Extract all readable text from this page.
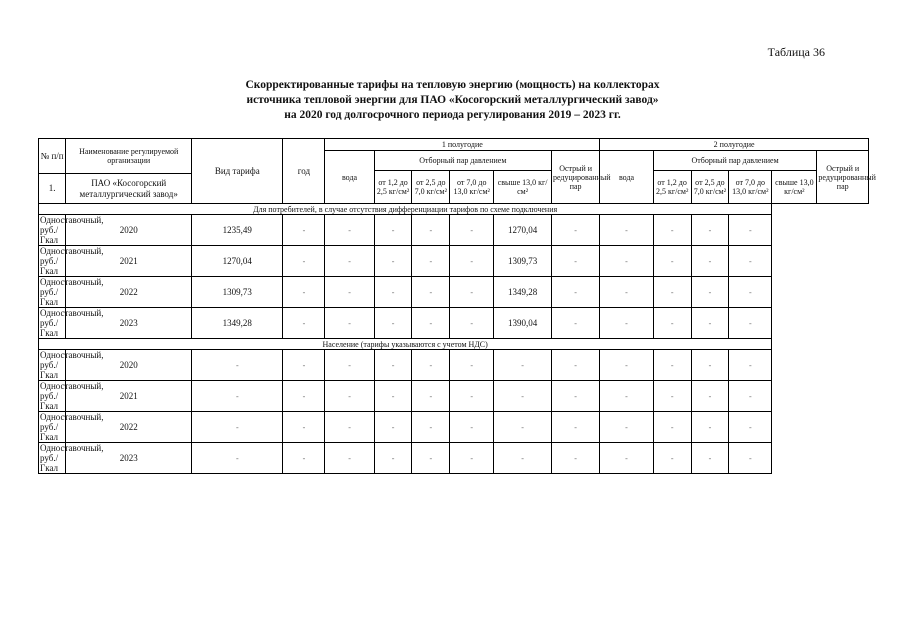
Таблица 36
Скорректированные тарифы на тепловую энергию (мощность) на коллекторах
источника тепловой энергии для ПАО «Косогорский металлургический завод»
на 2020 год долгосрочного периода регулирования 2019 – 2023 гг.
№ п/п	Наименование регулируемой организации	Вид тарифа	год	1 полугодие						2 полугодие					
				вода	Отборный пар давлением				Острый и редуцированный пар	вода	Отборный пар давлением				Острый и редуцированный пар
					от 1,2 до 2,5 кг/см²	от 2,5 до 7,0 кг/см²	от 7,0 до 13,0 кг/см²	свыше 13,0 кг/см²			от 1,2 до 2,5 кг/см²	от 2,5 до 7,0 кг/см²	от 7,0 до 13,0 кг/см²	свыше 13,0 кг/см²	
1.	ПАО «Косогорский металлургический завод»														
Для потребителей, в случае отсутствия дифференциации тарифов по схеме подключения															
Одноставочный, руб./Гкал	2020	1235,49	-	-	-	-	-	1270,04	-	-	-	-	-		
Одноставочный, руб./Гкал	2021	1270,04	-	-	-	-	-	1309,73	-	-	-	-	-		
Одноставочный, руб./Гкал	2022	1309,73	-	-	-	-	-	1349,28	-	-	-	-	-		
Одноставочный, руб./Гкал	2023	1349,28	-	-	-	-	-	1390,04	-	-	-	-	-		
Население (тарифы указываются с учетом НДС)															
Одноставочный, руб./Гкал	2020	-	-	-	-	-	-	-	-	-	-	-	-		
Одноставочный, руб./Гкал	2021	-	-	-	-	-	-	-	-	-	-	-	-		
Одноставочный, руб./Гкал	2022	-	-	-	-	-	-	-	-	-	-	-	-		
Одноставочный, руб./Гкал	2023	-	-	-	-	-	-	-	-	-	-	-	-		
